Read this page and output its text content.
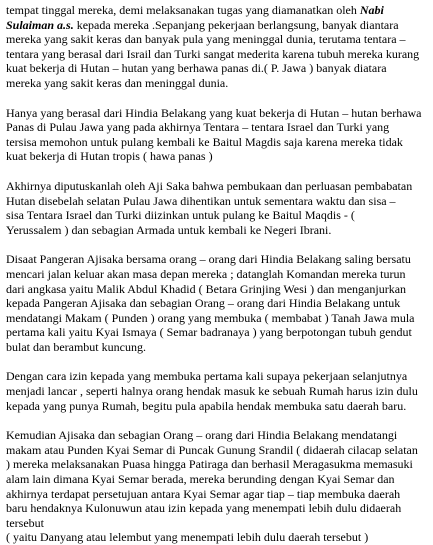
tempat tinggal mereka, demi melaksanakan tugas yang diamanatkan oleh Nabi
Sulaiman a.s. kepada mereka .Sepanjang pekerjaan berlangsung, banyak diantara
mereka yang sakit keras dan banyak pula yang meninggal dunia, terutama tentara –
tentara yang berasal dari Israil dan Turki sangat mederita karena tubuh mereka kurang
kuat bekerja di Hutan – hutan yang berhawa panas di.( P. Jawa ) banyak diatara
mereka yang sakit keras dan meninggal dunia.

Hanya yang berasal dari Hindia Belakang yang kuat bekerja di Hutan – hutan berhawa
Panas di Pulau Jawa yang pada akhirnya Tentara – tentara Israel dan Turki yang
tersisa memohon untuk pulang kembali ke Baitul Magdis saja karena mereka tidak
kuat bekerja di Hutan tropis ( hawa panas )

Akhirnya diputuskanlah oleh Aji Saka bahwa pembukaan dan perluasan pembabatan
Hutan disebelah selatan Pulau Jawa dihentikan untuk sementara waktu dan sisa –
sisa Tentara Israel dan Turki diizinkan untuk pulang ke Baitul Maqdis - (
Yerussalem ) dan sebagian Armada untuk kembali ke Negeri Ibrani.

Disaat Pangeran Ajisaka bersama orang – orang dari Hindia Belakang saling bersatu
mencari jalan keluar akan masa depan mereka ; datanglah Komandan mereka turun
dari angkasa yaitu Malik Abdul Khadid ( Betara Grinjing Wesi ) dan menganjurkan
kepada Pangeran Ajisaka dan sebagian Orang – orang dari Hindia Belakang untuk
mendatangi Makam ( Punden ) orang yang membuka ( membabat ) Tanah Jawa mula
pertama kali yaitu Kyai Ismaya ( Semar badranaya ) yang berpotongan tubuh gendut
bulat dan berambut kuncung.

Dengan cara izin kepada yang membuka pertama kali supaya pekerjaan selanjutnya
menjadi lancar , seperti halnya orang hendak masuk ke sebuah Rumah harus izin dulu
kepada yang punya Rumah, begitu pula apabila hendak membuka satu daerah baru.

Kemudian Ajisaka dan sebagian Orang – orang dari Hindia Belakang mendatangi
makam atau Punden Kyai Semar di Puncak Gunung Srandil ( didaerah cilacap selatan
) mereka melaksanakan Puasa hingga Patiraga dan berhasil Meragasukma memasuki
alam lain dimana Kyai Semar berada, mereka berunding dengan Kyai Semar dan
akhirnya terdapat persetujuan antara Kyai Semar agar tiap – tiap membuka daerah
baru hendaknya Kulonuwun atau izin kepada yang menempati lebih dulu didaerah
tersebut
( yaitu Danyang atau lelembut yang menempati lebih dulu daerah tersebut )
